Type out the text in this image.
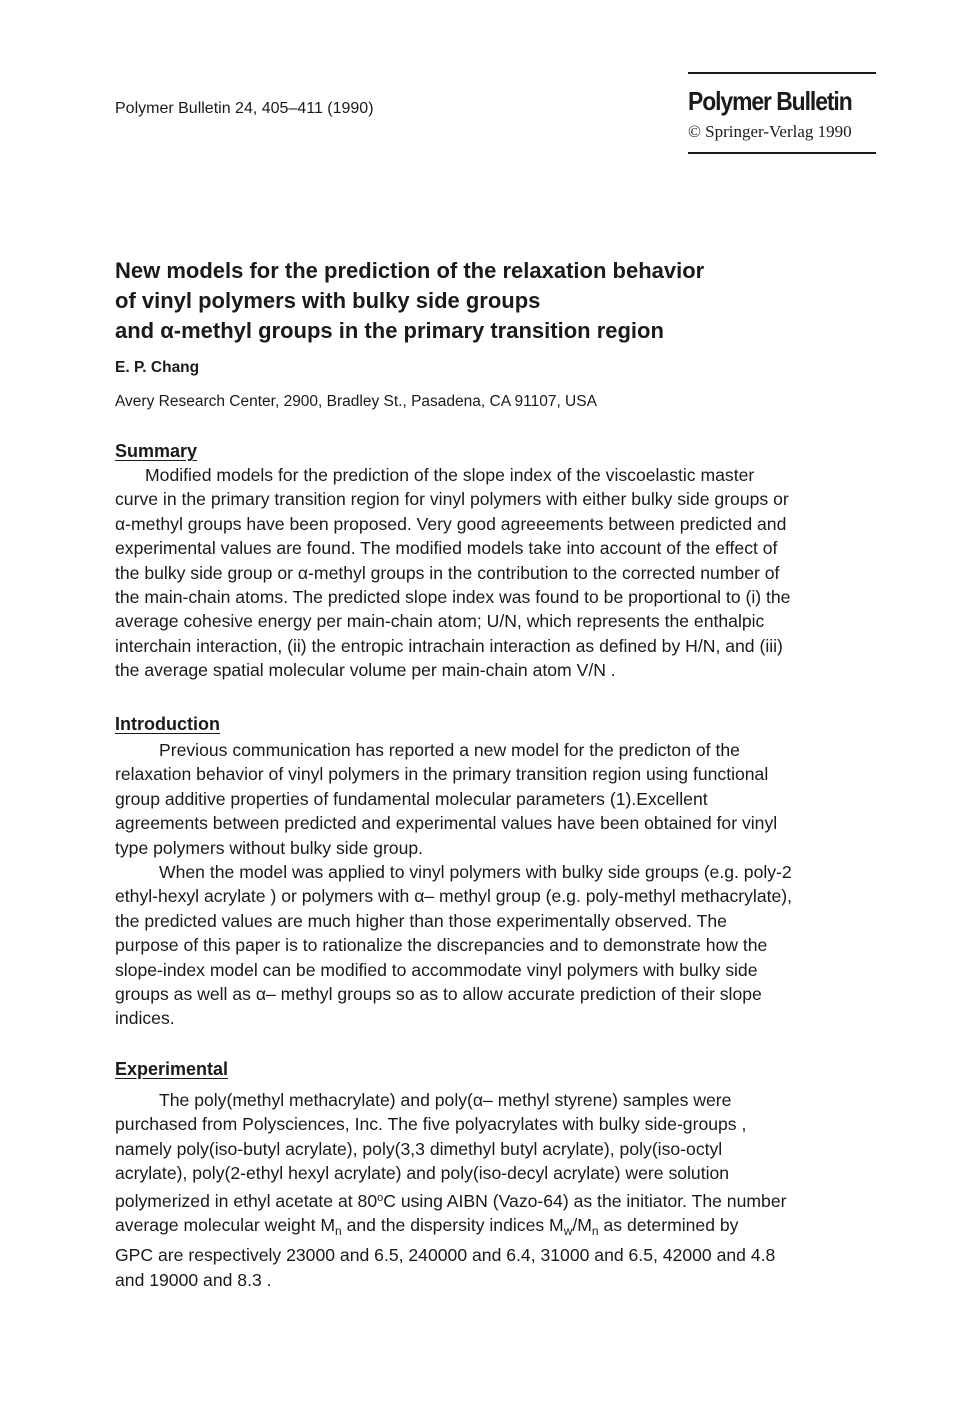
Polymer Bulletin 24, 405–411 (1990)	Polymer Bulletin
© Springer-Verlag 1990
New models for the prediction of the relaxation behavior
of vinyl polymers with bulky side groups
and α-methyl groups in the primary transition region
E. P. Chang
Avery Research Center, 2900, Bradley St., Pasadena, CA 91107, USA
Summary
Modified models for the prediction of the slope index of the viscoelastic master
curve in the primary transition region for vinyl polymers with either bulky side groups or
α-methyl groups have been proposed. Very good agreeements between predicted and
experimental values are found. The modified models take into account of the effect of
the bulky side group or α-methyl groups in the contribution to the corrected number of
the main-chain atoms. The predicted slope index was found to be proportional to (i) the
average cohesive energy per main-chain atom; U/N, which represents the enthalpic
interchain interaction, (ii) the entropic intrachain interaction as defined by H/N, and (iii)
the average spatial molecular volume per main-chain atom V/N .
Introduction
Previous communication has reported a new model for the predicton of the
relaxation behavior of vinyl polymers in the primary transition region using functional
group additive properties of fundamental molecular parameters (1).Excellent
agreements between predicted and experimental values have been obtained for vinyl
type polymers without bulky side group.
When the model was applied to vinyl polymers with bulky side groups (e.g. poly-2
ethyl-hexyl acrylate ) or polymers with α– methyl group (e.g. poly-methyl methacrylate),
the predicted values are much higher than those experimentally observed. The
purpose of this paper is to rationalize the discrepancies and to demonstrate how the
slope-index model can be modified to accommodate vinyl polymers with bulky side
groups as well as α– methyl groups so as to allow accurate prediction of their slope
indices.
Experimental
The poly(methyl methacrylate) and poly(α– methyl styrene) samples were
purchased from Polysciences, Inc. The five polyacrylates with bulky side-groups ,
namely poly(iso-butyl acrylate), poly(3,3 dimethyl butyl acrylate), poly(iso-octyl
acrylate), poly(2-ethyl hexyl acrylate) and poly(iso-decyl acrylate) were solution
polymerized in ethyl acetate at 80$^o$C using AIBN (Vazo-64) as the initiator. The number
average molecular weight $M_n$ and the dispersity indices $M_w/M_n$ as determined by
GPC are respectively 23000 and 6.5, 240000 and 6.4, 31000 and 6.5, 42000 and 4.8
and 19000 and 8.3 .
